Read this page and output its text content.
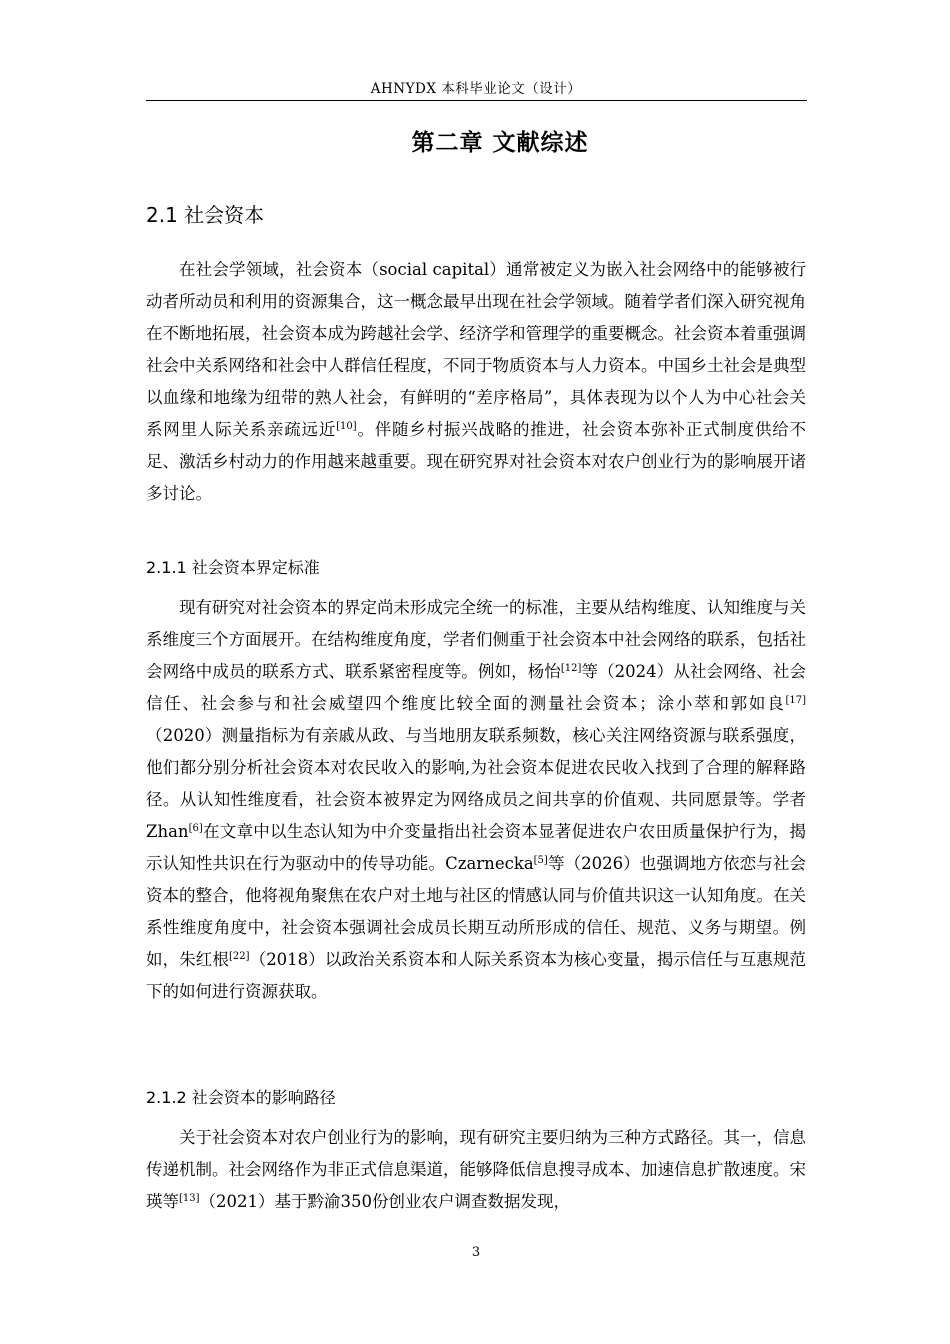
AHNYDX 本科毕业论文（设计）
第二章 文献综述
2.1 社会资本

在社会学领域，社会资本（social capital）通常被定义为嵌入社会网络中的能够被行动者所动员和利用的资源集合，这一概念最早出现在社会学领域。随着学者们深入研究视角在不断地拓展，社会资本成为跨越社会学、经济学和管理学的重要概念。社会资本着重强调社会中关系网络和社会中人群信任程度，不同于物质资本与人力资本。中国乡土社会是典型以血缘和地缘为纽带的熟人社会，有鲜明的“差序格局”，具体表现为以个人为中心社会关系网里人际关系亲疏远近[10]。伴随乡村振兴战略的推进，社会资本弥补正式制度供给不足、激活乡村动力的作用越来越重要。现在研究界对社会资本对农户创业行为的影响展开诸多讨论。

2.1.1 社会资本界定标准

现有研究对社会资本的界定尚未形成完全统一的标准，主要从结构维度、认知维度与关系维度三个方面展开。在结构维度角度，学者们侧重于社会资本中社会网络的联系，包括社会网络中成员的联系方式、联系紧密程度等。例如，杨怡[12]等（2024）从社会网络、社会信任、社会参与和社会威望四个维度比较全面的测量社会资本；涂小萃和郭如良[17]（2020）测量指标为有亲戚从政、与当地朋友联系频数，核心关注网络资源与联系强度，他们都分别分析社会资本对农民收入的影响,为社会资本促进农民收入找到了合理的解释路径。从认知性维度看，社会资本被界定为网络成员之间共享的价值观、共同愿景等。学者Zhan[6]在文章中以生态认知为中介变量指出社会资本显著促进农户农田质量保护行为，揭示认知性共识在行为驱动中的传导功能。Czarnecka[5]等（2026）也强调地方依恋与社会资本的整合，他将视角聚焦在农户对土地与社区的情感认同与价值共识这一认知角度。在关系性维度角度中，社会资本强调社会成员长期互动所形成的信任、规范、义务与期望。例如，朱红根[22]（2018）以政治关系资本和人际关系资本为核心变量，揭示信任与互惠规范下的如何进行资源获取。

2.1.2 社会资本的影响路径

关于社会资本对农户创业行为的影响，现有研究主要归纳为三种方式路径。其一，信息传递机制。社会网络作为非正式信息渠道，能够降低信息搜寻成本、加速信息扩散速度。宋瑛等[13]（2021）基于黔渝350份创业农户调查数据发现，

3
